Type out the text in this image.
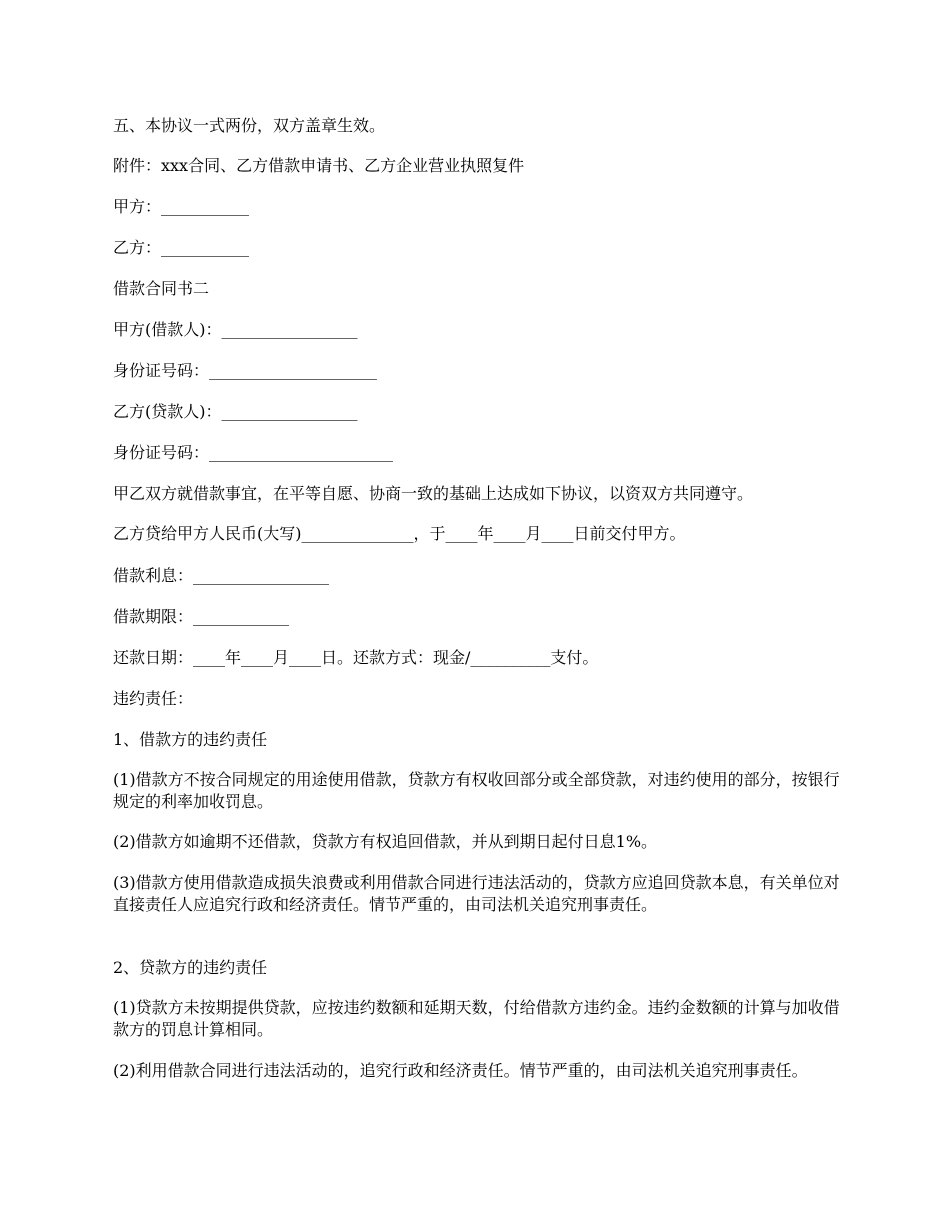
五、本协议一式两份，双方盖章生效。
附件：xxx合同、乙方借款申请书、乙方企业营业执照复件
甲方：___________
乙方：___________
借款合同书二
甲方(借款人)：_________________
身份证号码：_____________________
乙方(贷款人)：_________________
身份证号码：_______________________
甲乙双方就借款事宜，在平等自愿、协商一致的基础上达成如下协议，以资双方共同遵守。
乙方贷给甲方人民币(大写)______________，于____年____月____日前交付甲方。
借款利息：_________________
借款期限：____________
还款日期：____年____月____日。还款方式：现金/__________支付。
违约责任：
1、借款方的违约责任
(1)借款方不按合同规定的用途使用借款，贷款方有权收回部分或全部贷款，对违约使用的部分，按银行规定的利率加收罚息。
(2)借款方如逾期不还借款，贷款方有权追回借款，并从到期日起付日息1%。
(3)借款方使用借款造成损失浪费或利用借款合同进行违法活动的，贷款方应追回贷款本息，有关单位对直接责任人应追究行政和经济责任。情节严重的，由司法机关追究刑事责任。
2、贷款方的违约责任
(1)贷款方未按期提供贷款，应按违约数额和延期天数，付给借款方违约金。违约金数额的计算与加收借款方的罚息计算相同。
(2)利用借款合同进行违法活动的，追究行政和经济责任。情节严重的，由司法机关追究刑事责任。
